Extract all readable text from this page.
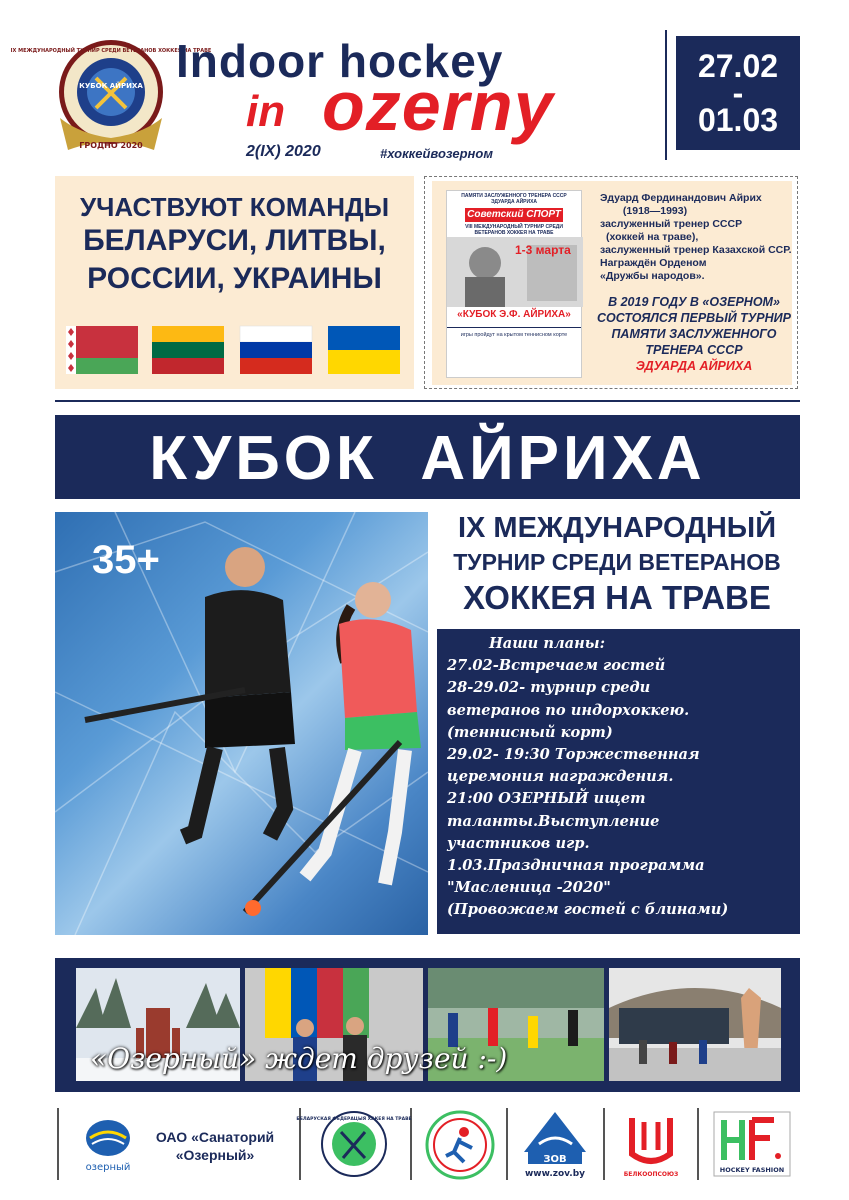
КУБОК АЙРИХА
ГРОДНО 2020
IX МЕЖДУНАРОДНЫЙ ТУРНИР СРЕДИ ВЕТЕРАНОВ ХОККЕЯ НА ТРАВЕ
Indoor hockey
in ozerny
2(IX) 2020	#хоккейвозерном
27.02
-
01.03
УЧАСТВУЮТ КОМАНДЫ
БЕЛАРУСИ, ЛИТВЫ,
РОССИИ, УКРАИНЫ
ПАМЯТИ ЗАСЛУЖЕННОГО ТРЕНЕРА СССР ЭДУАРДА АЙРИХА
Советский СПОРТ
VIII МЕЖДУНАРОДНЫЙ ТУРНИР СРЕДИ ВЕТЕРАНОВ ХОККЕЯ НА ТРАВЕ
1-3 марта
«КУБОК Э.Ф. АЙРИХА»
игры пройдут на крытом теннисном корте
Эдуард Фердинандович Айрих
(1918—1993)
заслуженный тренер СССР
(хоккей на траве),
заслуженный тренер Казахской ССР.
Награждён Орденом
«Дружбы народов».
В 2019 ГОДУ В «ОЗЕРНОМ»
СОСТОЯЛСЯ ПЕРВЫЙ ТУРНИР
ПАМЯТИ ЗАСЛУЖЕННОГО
ТРЕНЕРА СССР
ЭДУАРДА АЙРИХА
КУБОК  АЙРИХА
35+
IX МЕЖДУНАРОДНЫЙ
ТУРНИР СРЕДИ ВЕТЕРАНОВ
ХОККЕЯ НА ТРАВЕ
Наши планы:
27.02-Встречаем гостей
28-29.02- турнир среди
ветеранов по индорхоккею.
(теннисный корт)
29.02- 19:30 Торжественная
церемония награждения.
21:00 ОЗЕРНЫЙ ищет
таланты.Выступление
участников игр.
1.03.Праздничная программа
"Масленица -2020"
(Провожаем гостей с блинами)
«Озерный» ждет друзей :-)
озерный
ОАО «Санаторий
«Озерный»
БЕЛАРУСКАЯ ФЕДЕРАЦЫЯ ХАКЕЯ НА ТРАВЕ
ЗОВ
www.zov.by	БЕЛКООПСОЮЗ
HOCKEY FASHION
